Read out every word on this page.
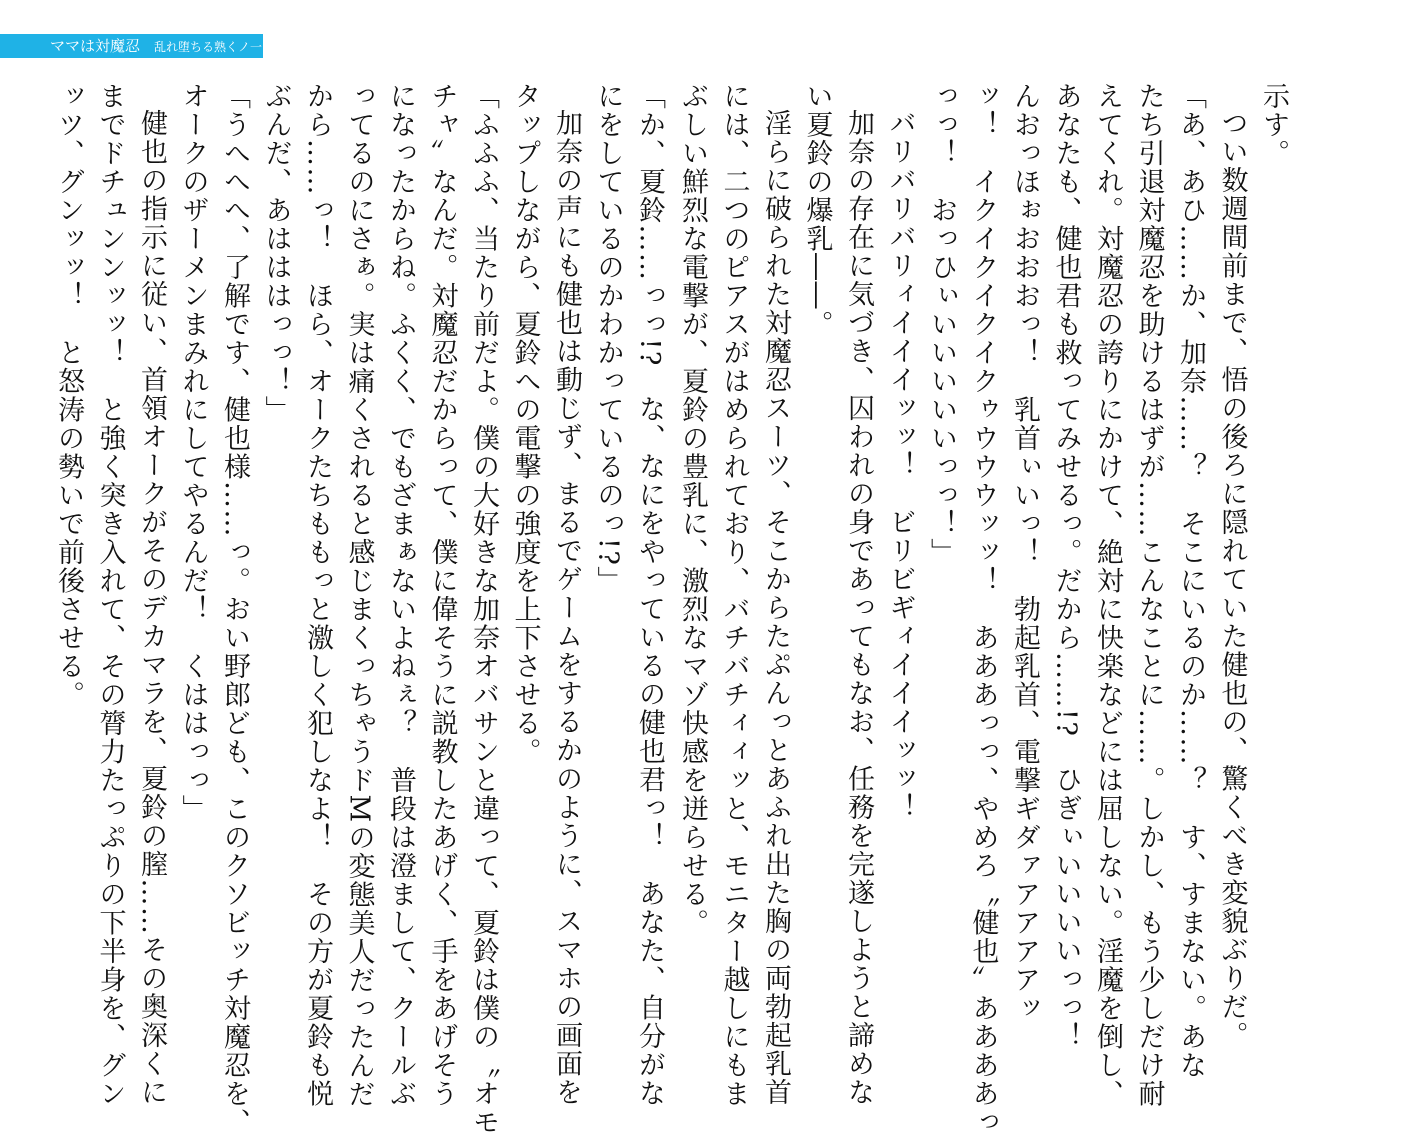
ママは対魔忍 乱れ堕ちる熟くノ一

示す。

つい数週間前まで、悟の後ろに隠れていた健也の、驚くべき変貌ぶりだ。

「あ、あひ……か、加奈……？　そこにいるのか……？　す、すまない。あな

たち引退対魔忍を助けるはずが……こんなことに……。しかし、もう少しだけ耐

えてくれ。対魔忍の誇りにかけて、絶対に快楽などには屈しない。淫魔を倒し、

あなたも、健也君も救ってみせるっ。だから……!?　ひぎぃいいいいっっ！

んおっほぉおおおっ！　乳首ぃいっ！　勃起乳首、電撃ギダァアアアアッ

ッ！　イクイクイクイクゥウウウッッ！　あああっっ、やめろ〝健也〟ああああっ

っっ！　おっひぃいいいいいっっ！」

バリバリバリィイイイッッ！　ビリビギィイイイッッ！

加奈の存在に気づき、囚われの身であってもなお、任務を完遂しようと諦めな

い夏鈴の爆乳――。

淫らに破られた対魔忍スーツ、そこからたぷんっとあふれ出た胸の両勃起乳首

には、二つのピアスがはめられており、バチバチィィッと、モニター越しにもま

ぶしい鮮烈な電撃が、夏鈴の豊乳に、激烈なマゾ快感を迸らせる。

「か、夏鈴……っっ!?　な、なにをやっているの健也君っ！　あなた、自分がな

にをしているのかわかっているのっ!?」

加奈の声にも健也は動じず、まるでゲームをするかのように、スマホの画面を

タップしながら、夏鈴への電撃の強度を上下させる。

「ふふふ、当たり前だよ。僕の大好きな加奈オバサンと違って、夏鈴は僕の〝オモ

チャ〟なんだ。対魔忍だからって、僕に偉そうに説教したあげく、手をあげそう

になったからね。ふくく、でもざまぁないよねぇ？　普段は澄まして、クールぶ

ってるのにさぁ。実は痛くされると感じまくっちゃうドMの変態美人だったんだ

から……っ！　ほら、オークたちももっと激しく犯しなよ！　その方が夏鈴も悦

ぶんだ、あはははっっ！」

「うへへへ、了解です、健也様……っ。おい野郎ども、このクソビッチ対魔忍を、

オークのザーメンまみれにしてやるんだ！　くははっっ」

健也の指示に従い、首領オークがそのデカマラを、夏鈴の膣……その奥深くに

までドチュンンッッ！　と強く突き入れて、その膂力たっぷりの下半身を、グン

ッツ、グンッッ！　と怒涛の勢いで前後させる。
